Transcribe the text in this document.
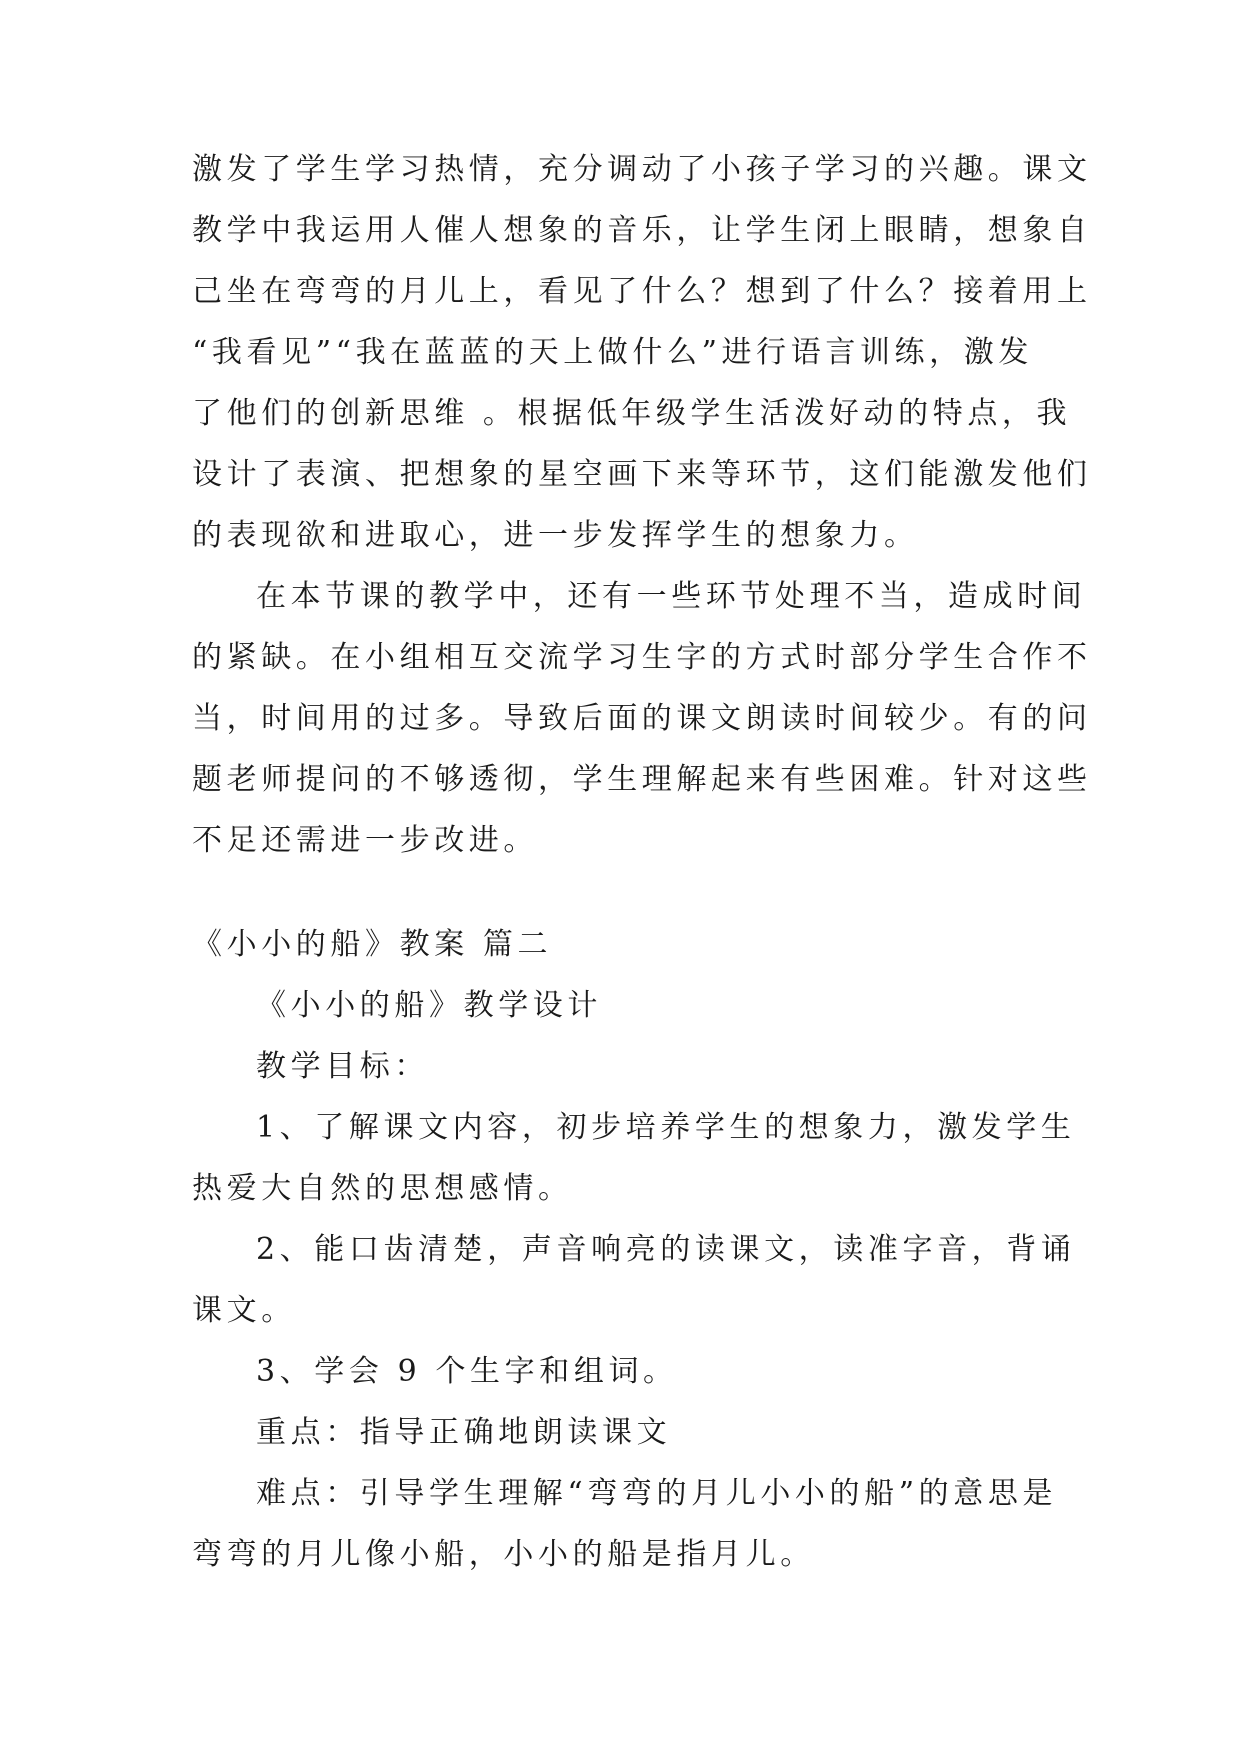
激发了学生学习热情，充分调动了小孩子学习的兴趣。课文
教学中我运用人催人想象的音乐，让学生闭上眼睛，想象自
己坐在弯弯的月儿上，看见了什么？想到了什么？接着用上
“我看见”“我在蓝蓝的天上做什么”进行语言训练，激发
了他们的创新思维 。根据低年级学生活泼好动的特点，我
设计了表演、把想象的星空画下来等环节，这们能激发他们
的表现欲和进取心，进一步发挥学生的想象力。
在本节课的教学中，还有一些环节处理不当，造成时间
的紧缺。在小组相互交流学习生字的方式时部分学生合作不
当，时间用的过多。导致后面的课文朗读时间较少。有的问
题老师提问的不够透彻，学生理解起来有些困难。针对这些
不足还需进一步改进。
《小小的船》教案 篇二
《小小的船》教学设计
教学目标：
1、了解课文内容，初步培养学生的想象力，激发学生
热爱大自然的思想感情。
2、能口齿清楚，声音响亮的读课文，读准字音，背诵
课文。
3、学会 9 个生字和组词。
重点：指导正确地朗读课文
难点：引导学生理解“弯弯的月儿小小的船”的意思是
弯弯的月儿像小船，小小的船是指月儿。
